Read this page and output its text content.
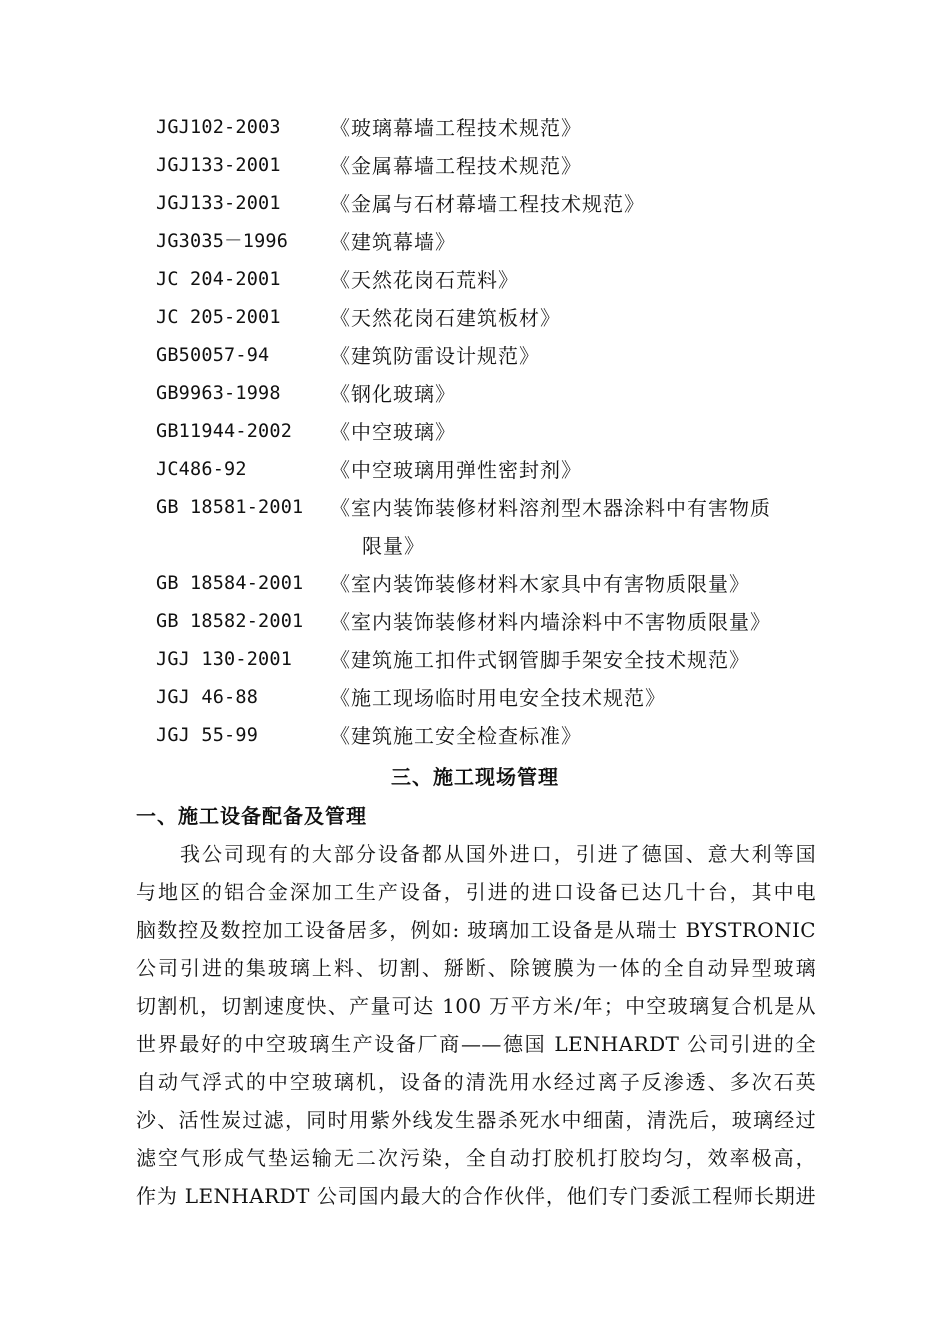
JGJ102-2003 《玻璃幕墙工程技术规范》
JGJ133-2001 《金属幕墙工程技术规范》
JGJ133-2001 《金属与石材幕墙工程技术规范》
JG3035－1996 《建筑幕墙》
JC 204-2001 《天然花岗石荒料》
JC 205-2001 《天然花岗石建筑板材》
GB50057-94	《建筑防雷设计规范》
GB9963-1998 《钢化玻璃》
GB11944-2002 《中空玻璃》
JC486-92	《中空玻璃用弹性密封剂》
GB 18581-2001 《室内装饰装修材料溶剂型木器涂料中有害物质
限量》
GB 18584-2001 《室内装饰装修材料木家具中有害物质限量》
GB 18582-2001 《室内装饰装修材料内墙涂料中不害物质限量》
JGJ 130-2001 《建筑施工扣件式钢管脚手架安全技术规范》
JGJ 46-88	《施工现场临时用电安全技术规范》
JGJ 55-99	《建筑施工安全检查标准》
三、施工现场管理
一、施工设备配备及管理
我公司现有的大部分设备都从国外进口，引进了德国、意大利等国
与地区的铝合金深加工生产设备，引进的进口设备已达几十台，其中电
脑数控及数控加工设备居多，例如: 玻璃加工设备是从瑞士 BYSTRONIC
公司引进的集玻璃上料、切割、掰断、除镀膜为一体的全自动异型玻璃
切割机，切割速度快、产量可达 100 万平方米/年；中空玻璃复合机是从
世界最好的中空玻璃生产设备厂商——德国 LENHARDT 公司引进的全
自动气浮式的中空玻璃机，设备的清洗用水经过离子反渗透、多次石英
沙、活性炭过滤，同时用紫外线发生器杀死水中细菌，清洗后，玻璃经过
滤空气形成气垫运输无二次污染，全自动打胶机打胶均匀，效率极高，
作为 LENHARDT 公司国内最大的合作伙伴，他们专门委派工程师长期进
